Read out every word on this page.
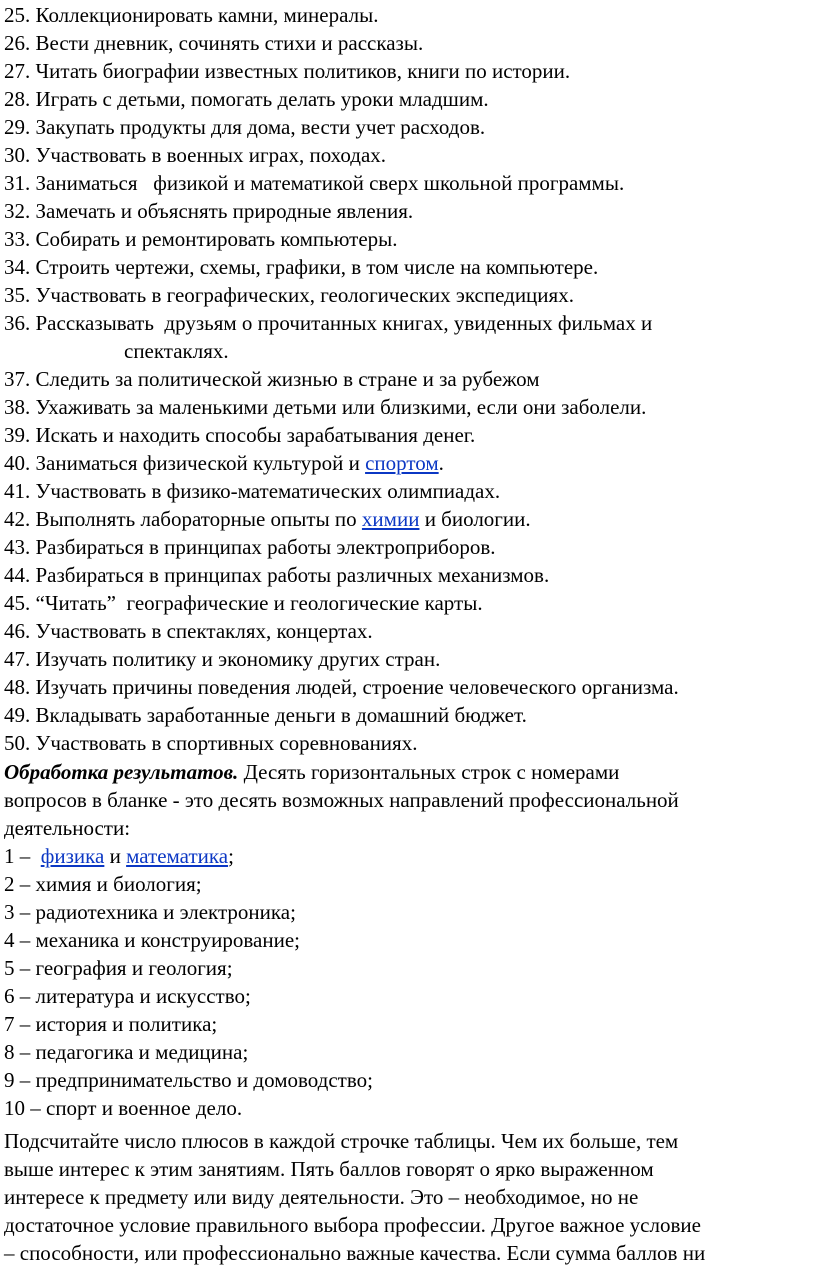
25. Коллекционировать камни, минералы.
26. Вести дневник, сочинять стихи и рассказы.
27. Читать биографии известных политиков, книги по истории.
28. Играть с детьми, помогать делать уроки младшим.
29. Закупать продукты для дома, вести учет расходов.
30. Участвовать в военных играх, походах.
31. Заниматься   физикой и математикой сверх школьной программы.
32. Замечать и объяснять природные явления.
33. Собирать и ремонтировать компьютеры.
34. Строить чертежи, схемы, графики, в том числе на компьютере.
35. Участвовать в географических, геологических экспедициях.
36. Рассказывать  друзьям о прочитанных книгах, увиденных фильмах и
спектаклях.
37. Следить за политической жизнью в стране и за рубежом
38. Ухаживать за маленькими детьми или близкими, если они заболели.
39. Искать и находить способы зарабатывания денег.
40. Заниматься физической культурой и спортом.
41. Участвовать в физико-математических олимпиадах.
42. Выполнять лабораторные опыты по химии и биологии.
43. Разбираться в принципах работы электроприборов.
44. Разбираться в принципах работы различных механизмов.
45. “Читать”  географические и геологические карты.
46. Участвовать в спектаклях, концертах.
47. Изучать политику и экономику других стран.
48. Изучать причины поведения людей, строение человеческого организма.
49. Вкладывать заработанные деньги в домашний бюджет.
50. Участвовать в спортивных соревнованиях.
Обработка результатов. Десять горизонтальных строк с номерами
вопросов в бланке - это десять возможных направлений профессиональной
деятельности:
1 –  физика и математика;
2 – химия и биология;
3 – радиотехника и электроника;
4 – механика и конструирование;
5 – география и геология;
6 – литература и искусство;
7 – история и политика;
8 – педагогика и медицина;
9 – предпринимательство и домоводство;
10 – спорт и военное дело.
Подсчитайте число плюсов в каждой строчке таблицы. Чем их больше, тем
выше интерес к этим занятиям. Пять баллов говорят о ярко выраженном
интересе к предмету или виду деятельности. Это – необходимое, но не
достаточное условие правильного выбора профессии. Другое важное условие
– способности, или профессионально важные качества. Если сумма баллов ни
